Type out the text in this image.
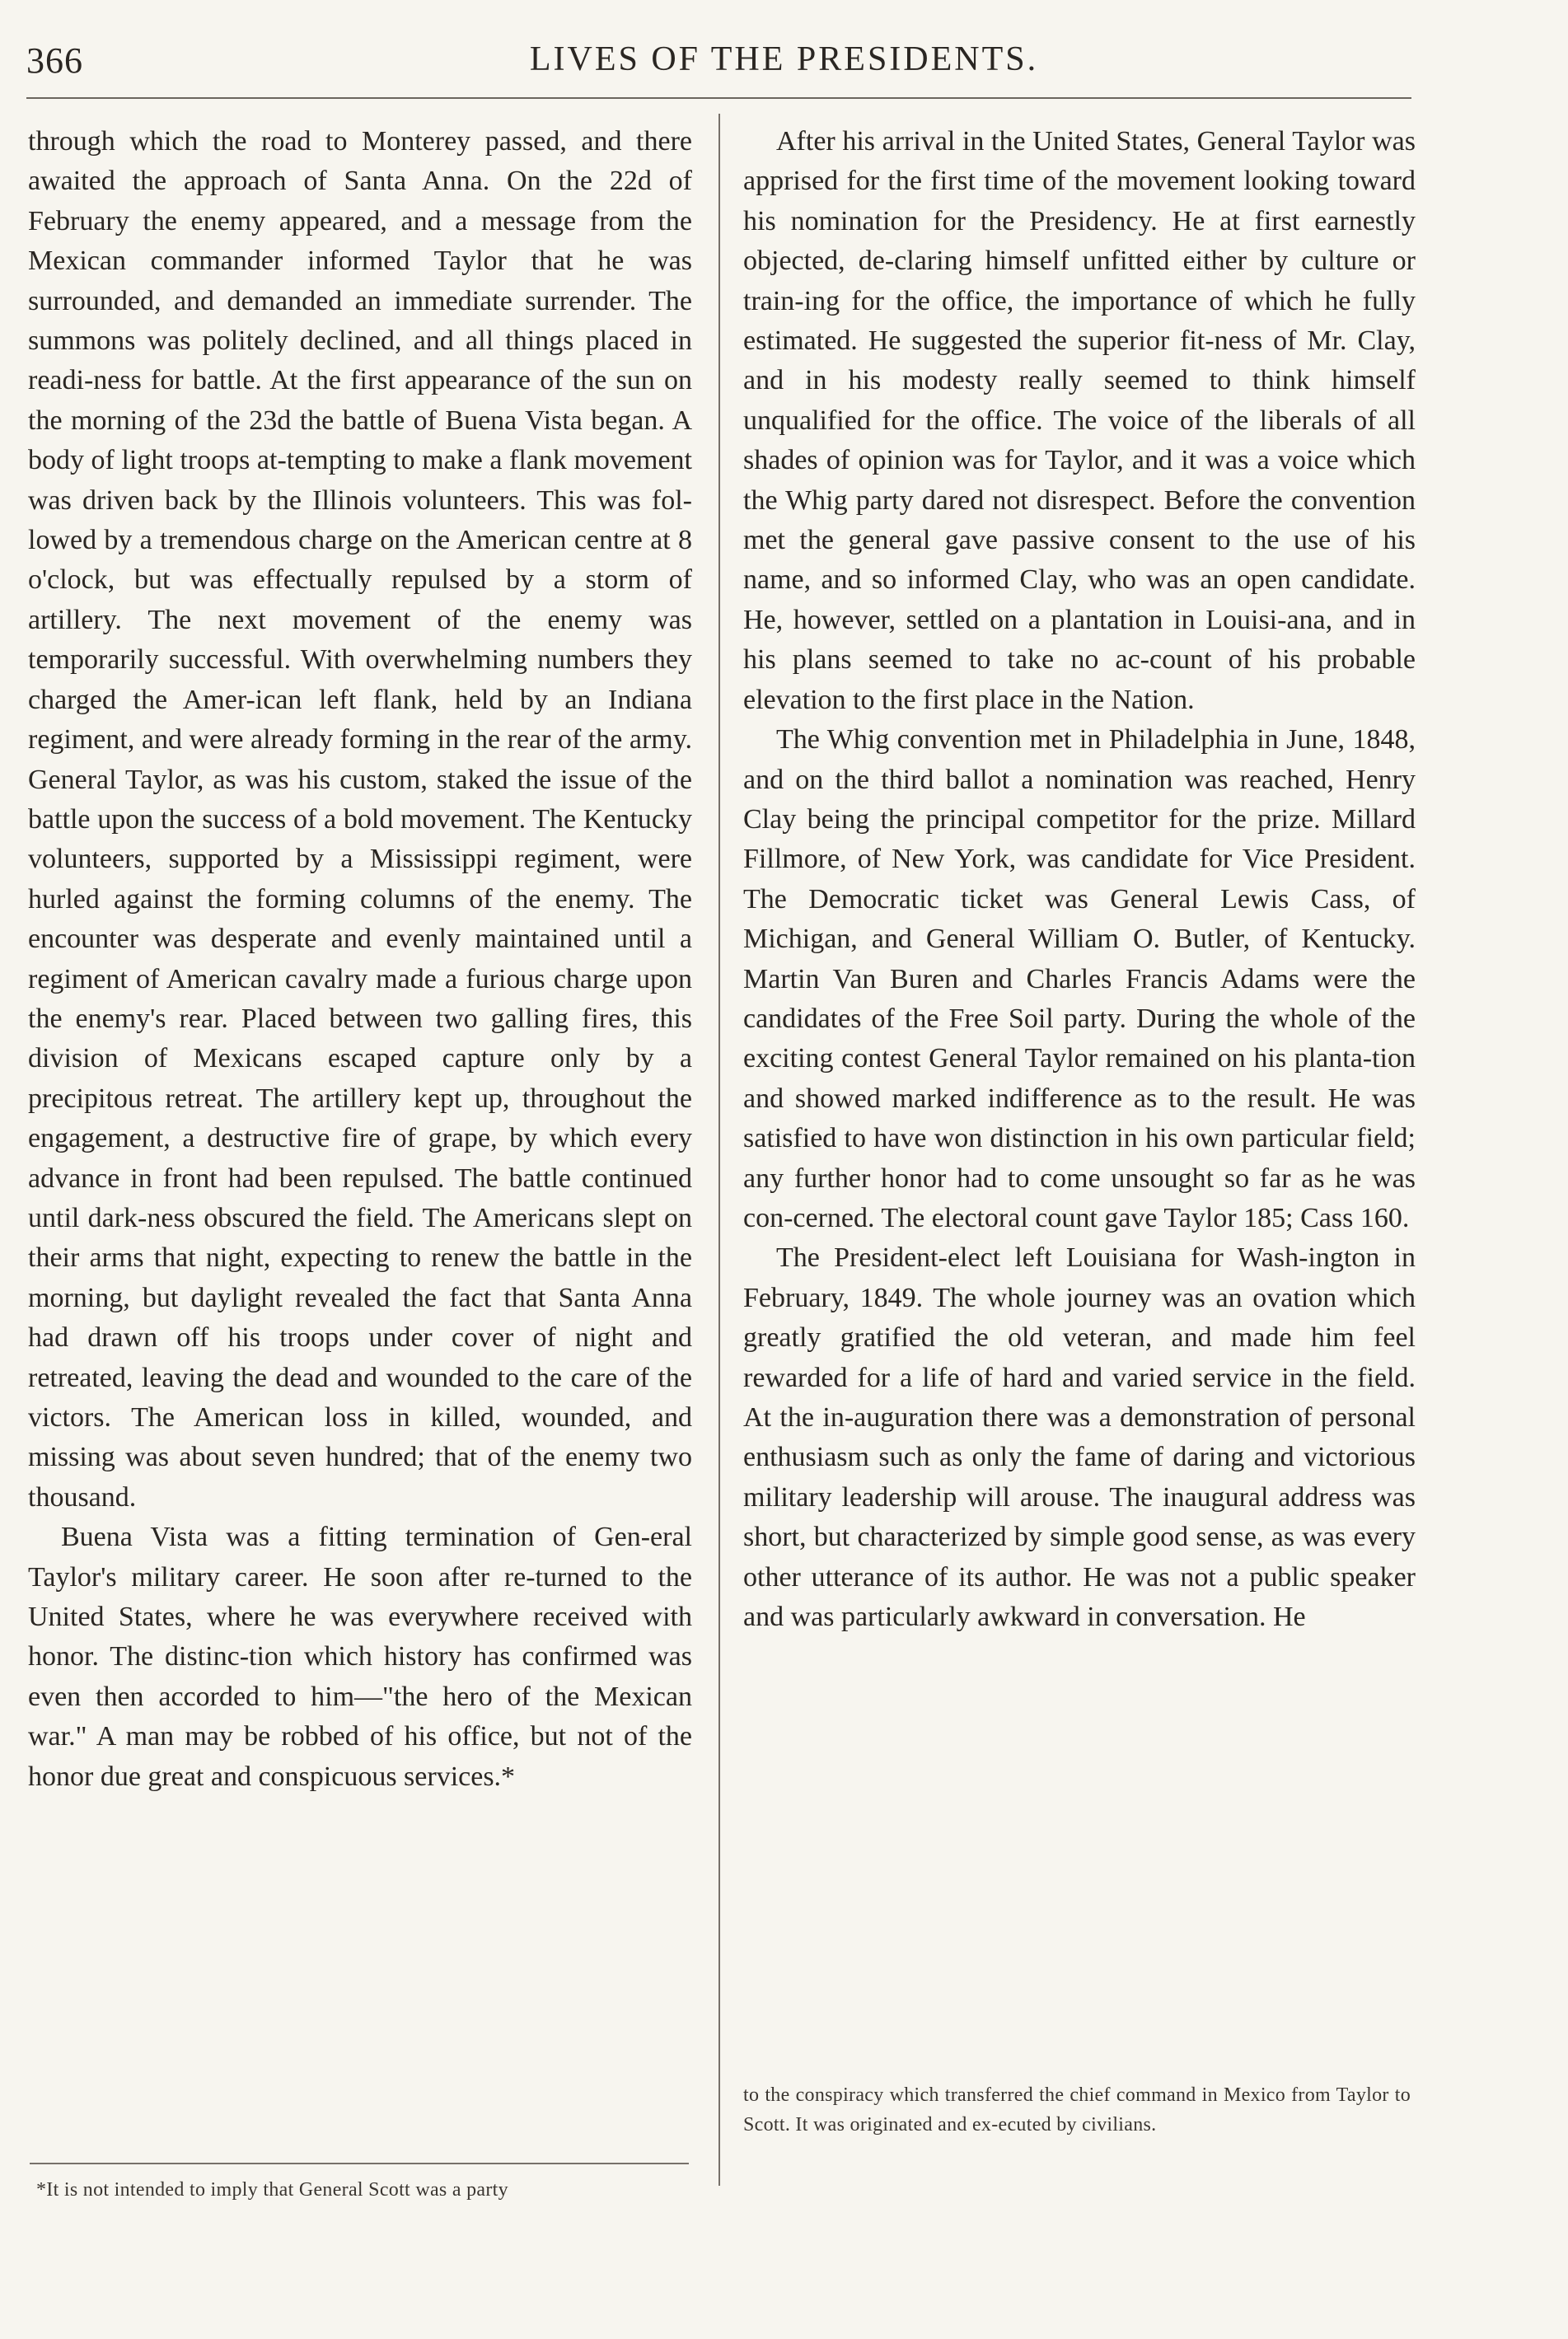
366	LIVES OF THE PRESIDENTS.

through which the road to Monterey passed, and there awaited the approach of Santa Anna. On the 22d of February the enemy appeared, and a message from the Mexican commander informed Taylor that he was surrounded, and demanded an immediate surrender. The summons was politely declined, and all things placed in readi-ness for battle. At the first appearance of the sun on the morning of the 23d the battle of Buena Vista began. A body of light troops at-tempting to make a flank movement was driven back by the Illinois volunteers. This was fol-lowed by a tremendous charge on the American centre at 8 o'clock, but was effectually repulsed by a storm of artillery. The next movement of the enemy was temporarily successful. With overwhelming numbers they charged the Amer-ican left flank, held by an Indiana regiment, and were already forming in the rear of the army. General Taylor, as was his custom, staked the issue of the battle upon the success of a bold movement. The Kentucky volunteers, supported by a Mississippi regiment, were hurled against the forming columns of the enemy. The encounter was desperate and evenly maintained until a regiment of American cavalry made a furious charge upon the enemy's rear. Placed between two galling fires, this division of Mexicans escaped capture only by a precipitous retreat. The artillery kept up, throughout the engagement, a destructive fire of grape, by which every advance in front had been repulsed. The battle continued until dark-ness obscured the field. The Americans slept on their arms that night, expecting to renew the battle in the morning, but daylight revealed the fact that Santa Anna had drawn off his troops under cover of night and retreated, leaving the dead and wounded to the care of the victors. The American loss in killed, wounded, and missing was about seven hundred; that of the enemy two thousand.

Buena Vista was a fitting termination of Gen-eral Taylor's military career. He soon after re-turned to the United States, where he was everywhere received with honor. The distinc-tion which history has confirmed was even then accorded to him—"the hero of the Mexican war." A man may be robbed of his office, but not of the honor due great and conspicuous services.*

*It is not intended to imply that General Scott was a party

After his arrival in the United States, General Taylor was apprised for the first time of the movement looking toward his nomination for the Presidency. He at first earnestly objected, de-claring himself unfitted either by culture or train-ing for the office, the importance of which he fully estimated. He suggested the superior fit-ness of Mr. Clay, and in his modesty really seemed to think himself unqualified for the office. The voice of the liberals of all shades of opinion was for Taylor, and it was a voice which the Whig party dared not disrespect. Before the convention met the general gave passive consent to the use of his name, and so informed Clay, who was an open candidate. He, however, settled on a plantation in Louisi-ana, and in his plans seemed to take no ac-count of his probable elevation to the first place in the Nation.

The Whig convention met in Philadelphia in June, 1848, and on the third ballot a nomination was reached, Henry Clay being the principal competitor for the prize. Millard Fillmore, of New York, was candidate for Vice President. The Democratic ticket was General Lewis Cass, of Michigan, and General William O. Butler, of Kentucky. Martin Van Buren and Charles Francis Adams were the candidates of the Free Soil party. During the whole of the exciting contest General Taylor remained on his planta-tion and showed marked indifference as to the result. He was satisfied to have won distinction in his own particular field; any further honor had to come unsought so far as he was con-cerned. The electoral count gave Taylor 185; Cass 160.

The President-elect left Louisiana for Wash-ington in February, 1849. The whole journey was an ovation which greatly gratified the old veteran, and made him feel rewarded for a life of hard and varied service in the field. At the in-auguration there was a demonstration of personal enthusiasm such as only the fame of daring and victorious military leadership will arouse. The inaugural address was short, but characterized by simple good sense, as was every other utterance of its author. He was not a public speaker and was particularly awkward in conversation. He

to the conspiracy which transferred the chief command in Mexico from Taylor to Scott. It was originated and ex-ecuted by civilians.
